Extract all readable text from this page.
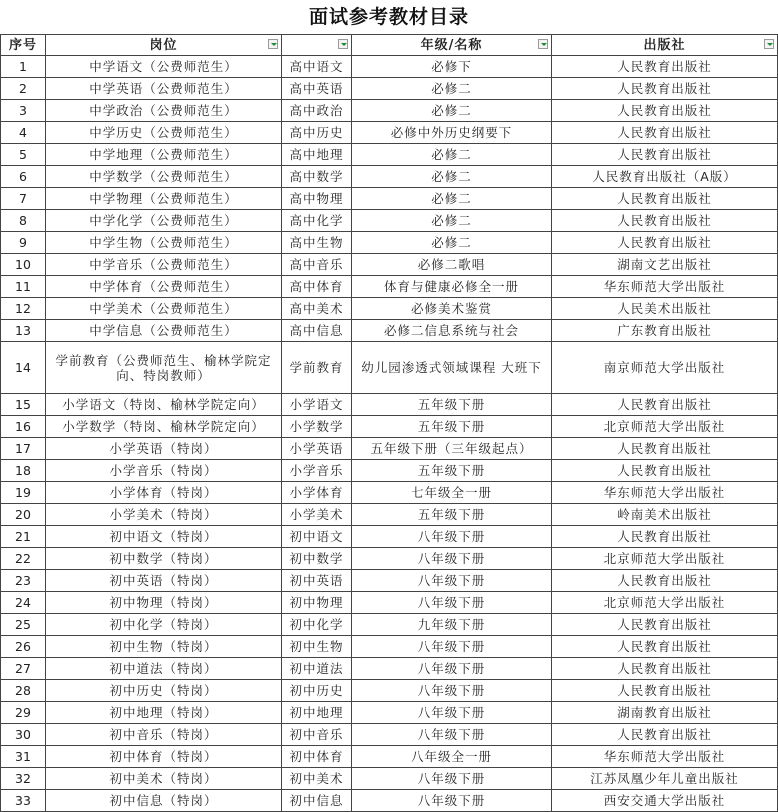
面试参考教材目录
序号	岗位		年级/名称	出版社

1	中学语文（公费师范生）	高中语文	必修下	人民教育出版社
2	中学英语（公费师范生）	高中英语	必修二	人民教育出版社
3	中学政治（公费师范生）	高中政治	必修二	人民教育出版社
4	中学历史（公费师范生）	高中历史	必修中外历史纲要下	人民教育出版社
5	中学地理（公费师范生）	高中地理	必修二	人民教育出版社
6	中学数学（公费师范生）	高中数学	必修二	人民教育出版社（A版）
7	中学物理（公费师范生）	高中物理	必修二	人民教育出版社
8	中学化学（公费师范生）	高中化学	必修二	人民教育出版社
9	中学生物（公费师范生）	高中生物	必修二	人民教育出版社
10	中学音乐（公费师范生）	高中音乐	必修二歌唱	湖南文艺出版社
11	中学体育（公费师范生）	高中体育	体育与健康必修全一册	华东师范大学出版社
12	中学美术（公费师范生）	高中美术	必修美术鉴赏	人民美术出版社
13	中学信息（公费师范生）	高中信息	必修二信息系统与社会	广东教育出版社
14	学前教育（公费师范生、榆林学院定向、特岗教师）	学前教育	幼儿园渗透式领域课程 大班下	南京师范大学出版社
15	小学语文（特岗、榆林学院定向）	小学语文	五年级下册	人民教育出版社
16	小学数学（特岗、榆林学院定向）	小学数学	五年级下册	北京师范大学出版社
17	小学英语（特岗）	小学英语	五年级下册（三年级起点）	人民教育出版社
18	小学音乐（特岗）	小学音乐	五年级下册	人民教育出版社
19	小学体育（特岗）	小学体育	七年级全一册	华东师范大学出版社
20	小学美术（特岗）	小学美术	五年级下册	岭南美术出版社
21	初中语文（特岗）	初中语文	八年级下册	人民教育出版社
22	初中数学（特岗）	初中数学	八年级下册	北京师范大学出版社
23	初中英语（特岗）	初中英语	八年级下册	人民教育出版社
24	初中物理（特岗）	初中物理	八年级下册	北京师范大学出版社
25	初中化学（特岗）	初中化学	九年级下册	人民教育出版社
26	初中生物（特岗）	初中生物	八年级下册	人民教育出版社
27	初中道法（特岗）	初中道法	八年级下册	人民教育出版社
28	初中历史（特岗）	初中历史	八年级下册	人民教育出版社
29	初中地理（特岗）	初中地理	八年级下册	湖南教育出版社
30	初中音乐（特岗）	初中音乐	八年级下册	人民教育出版社
31	初中体育（特岗）	初中体育	八年级全一册	华东师范大学出版社
32	初中美术（特岗）	初中美术	八年级下册	江苏凤凰少年儿童出版社
33	初中信息（特岗）	初中信息	八年级下册	西安交通大学出版社
